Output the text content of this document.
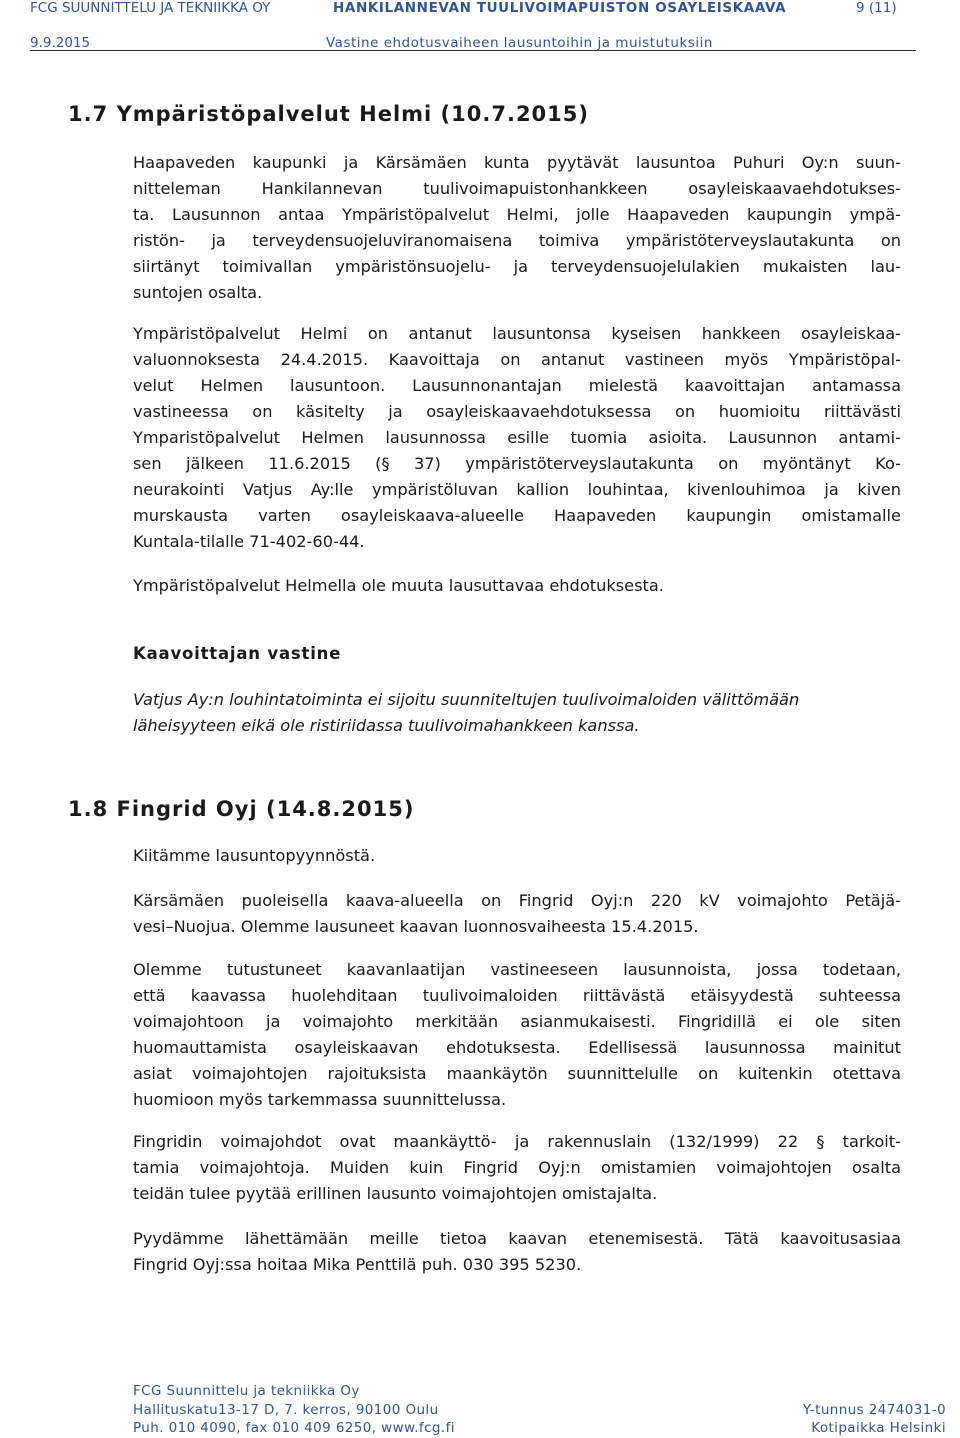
FCG SUUNNITTELU JA TEKNIIKKA OY	HANKILANNEVAN TUULIVOIMAPUISTON OSAYLEISKAAVA	9 (11)
9.9.2015	Vastine ehdotusvaiheen lausuntoihin ja muistutuksiin
1.7 Ympäristöpalvelut Helmi (10.7.2015)
Haapaveden kaupunki ja Kärsämäen kunta pyytävät lausuntoa Puhuri Oy:n suun-
nitteleman Hankilannevan tuulivoimapuistonhankkeen osayleiskaavaehdotukses-
ta. Lausunnon antaa Ympäristöpalvelut Helmi, jolle Haapaveden kaupungin ympä-
ristön- ja terveydensuojeluviranomaisena toimiva ympäristöterveyslautakunta on
siirtänyt toimivallan ympäristönsuojelu- ja terveydensuojelulakien mukaisten lau-
suntojen osalta.
Ympäristöpalvelut Helmi on antanut lausuntonsa kyseisen hankkeen osayleiskaa-
valuonnoksesta 24.4.2015. Kaavoittaja on antanut vastineen myös Ympäristöpal-
velut Helmen lausuntoon. Lausunnonantajan mielestä kaavoittajan antamassa
vastineessa on käsitelty ja osayleiskaavaehdotuksessa on huomioitu riittävästi
Ymparistöpalvelut Helmen lausunnossa esille tuomia asioita. Lausunnon antami-
sen jälkeen 11.6.2015 (§ 37) ympäristöterveyslautakunta on myöntänyt Ko-
neurakointi Vatjus Ay:lle ympäristöluvan kallion louhintaa, kivenlouhimoa ja kiven
murskausta varten osayleiskaava-alueelle Haapaveden kaupungin omistamalle
Kuntala-tilalle 71-402-60-44.
Ympäristöpalvelut Helmella ole muuta lausuttavaa ehdotuksesta.
Kaavoittajan vastine
Vatjus Ay:n louhintatoiminta ei sijoitu suunniteltujen tuulivoimaloiden välittömään
läheisyyteen eikä ole ristiriidassa tuulivoimahankkeen kanssa.
1.8 Fingrid Oyj (14.8.2015)
Kiitämme lausuntopyynnöstä.
Kärsämäen puoleisella kaava-alueella on Fingrid Oyj:n 220 kV voimajohto Petäjä-
vesi–Nuojua. Olemme lausuneet kaavan luonnosvaiheesta 15.4.2015.
Olemme tutustuneet kaavanlaatijan vastineeseen lausunnoista, jossa todetaan,
että kaavassa huolehditaan tuulivoimaloiden riittävästä etäisyydestä suhteessa
voimajohtoon ja voimajohto merkitään asianmukaisesti. Fingridillä ei ole siten
huomauttamista osayleiskaavan ehdotuksesta. Edellisessä lausunnossa mainitut
asiat voimajohtojen rajoituksista maankäytön suunnittelulle on kuitenkin otettava
huomioon myös tarkemmassa suunnittelussa.
Fingridin voimajohdot ovat maankäyttö- ja rakennuslain (132/1999) 22 § tarkoit-
tamia voimajohtoja. Muiden kuin Fingrid Oyj:n omistamien voimajohtojen osalta
teidän tulee pyytää erillinen lausunto voimajohtojen omistajalta.
Pyydämme lähettämään meille tietoa kaavan etenemisestä. Tätä kaavoitusasiaa
Fingrid Oyj:ssa hoitaa Mika Penttilä puh. 030 395 5230.
FCG Suunnittelu ja tekniikka Oy
Hallituskatu13-17 D, 7. kerros, 90100 Oulu
Puh. 010 4090, fax 010 409 6250, www.fcg.fi
Y-tunnus 2474031-0
Kotipaikka Helsinki
